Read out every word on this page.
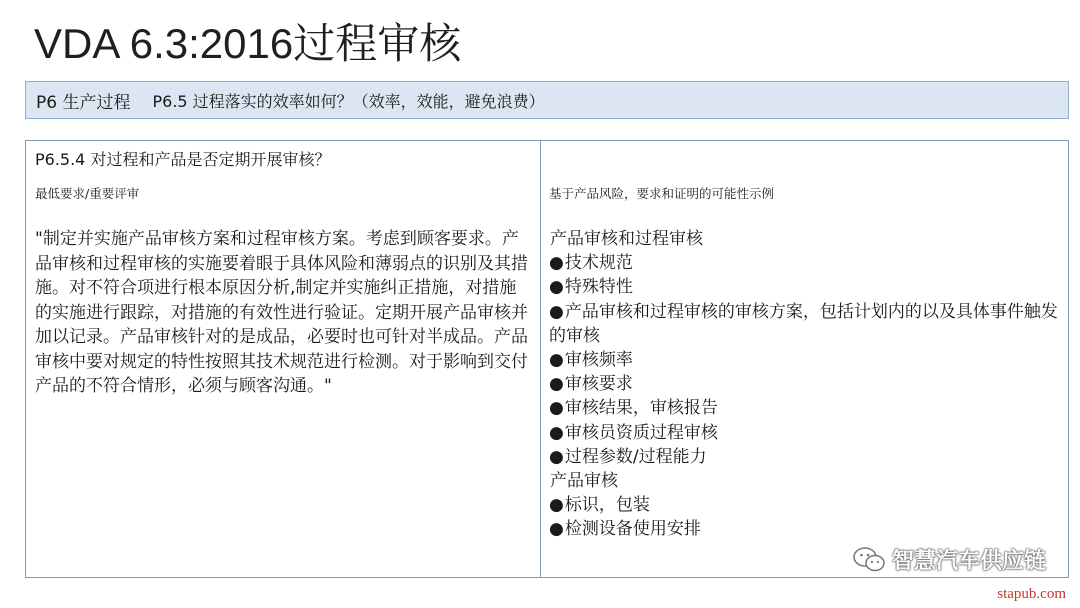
VDA 6.3:2016过程审核
P6 生产过程 P6.5 过程落实的效率如何？（效率，效能，避免浪费）
P6.5.4 对过程和产品是否定期开展审核？
最低要求/重要评审

"制定并实施产品审核方案和过程审核方案。考虑到顾客要求。产品审核和过程审核的实施要着眼于具体风险和薄弱点的识别及其措施。对不符合项进行根本原因分析,制定并实施纠正措施，对措施的实施进行跟踪，对措施的有效性进行验证。定期开展产品审核并加以记录。产品审核针对的是成品，必要时也可针对半成品。产品审核中要对规定的特性按照其技术规范进行检测。对于影响到交付产品的不符合情形，必须与顾客沟通。"

基于产品风险，要求和证明的可能性示例
产品审核和过程审核
●技术规范
●特殊特性
●产品审核和过程审核的审核方案，包括计划内的以及具体事件触发的审核
●审核频率
●审核要求
●审核结果，审核报告
●审核员资质过程审核
●过程参数/过程能力
产品审核
●标识，包装
●检测设备使用安排
智慧汽车供应链
stapub.com
